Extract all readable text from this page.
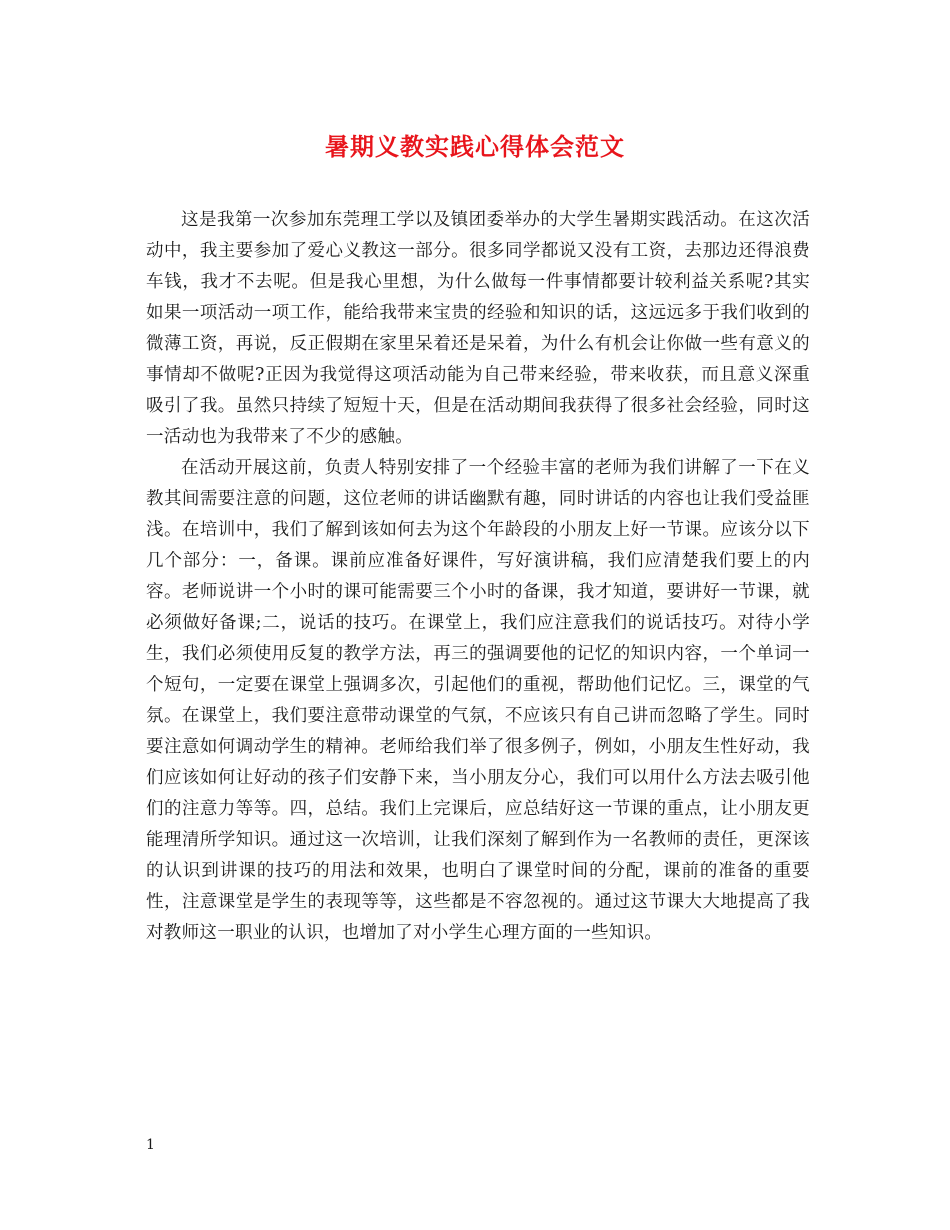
暑期义教实践心得体会范文

这是我第一次参加东莞理工学以及镇团委举办的大学生暑期实践活动。在这次活动中，我主要参加了爱心义教这一部分。很多同学都说又没有工资，去那边还得浪费车钱，我才不去呢。但是我心里想，为什么做每一件事情都要计较利益关系呢?其实如果一项活动一项工作，能给我带来宝贵的经验和知识的话，这远远多于我们收到的微薄工资，再说，反正假期在家里呆着还是呆着，为什么有机会让你做一些有意义的事情却不做呢?正因为我觉得这项活动能为自己带来经验，带来收获，而且意义深重吸引了我。虽然只持续了短短十天，但是在活动期间我获得了很多社会经验，同时这一活动也为我带来了不少的感触。

在活动开展这前，负责人特别安排了一个经验丰富的老师为我们讲解了一下在义教其间需要注意的问题，这位老师的讲话幽默有趣，同时讲话的内容也让我们受益匪浅。在培训中，我们了解到该如何去为这个年龄段的小朋友上好一节课。应该分以下几个部分：一，备课。课前应准备好课件，写好演讲稿，我们应清楚我们要上的内容。老师说讲一个小时的课可能需要三个小时的备课，我才知道，要讲好一节课，就必须做好备课;二，说话的技巧。在课堂上，我们应注意我们的说话技巧。对待小学生，我们必须使用反复的教学方法，再三的强调要他的记忆的知识内容，一个单词一个短句，一定要在课堂上强调多次，引起他们的重视，帮助他们记忆。三，课堂的气氛。在课堂上，我们要注意带动课堂的气氛，不应该只有自己讲而忽略了学生。同时要注意如何调动学生的精神。老师给我们举了很多例子，例如，小朋友生性好动，我们应该如何让好动的孩子们安静下来，当小朋友分心，我们可以用什么方法去吸引他们的注意力等等。四，总结。我们上完课后，应总结好这一节课的重点，让小朋友更能理清所学知识。通过这一次培训，让我们深刻了解到作为一名教师的责任，更深该的认识到讲课的技巧的用法和效果，也明白了课堂时间的分配，课前的准备的重要性，注意课堂是学生的表现等等，这些都是不容忽视的。通过这节课大大地提高了我对教师这一职业的认识，也增加了对小学生心理方面的一些知识。

1
